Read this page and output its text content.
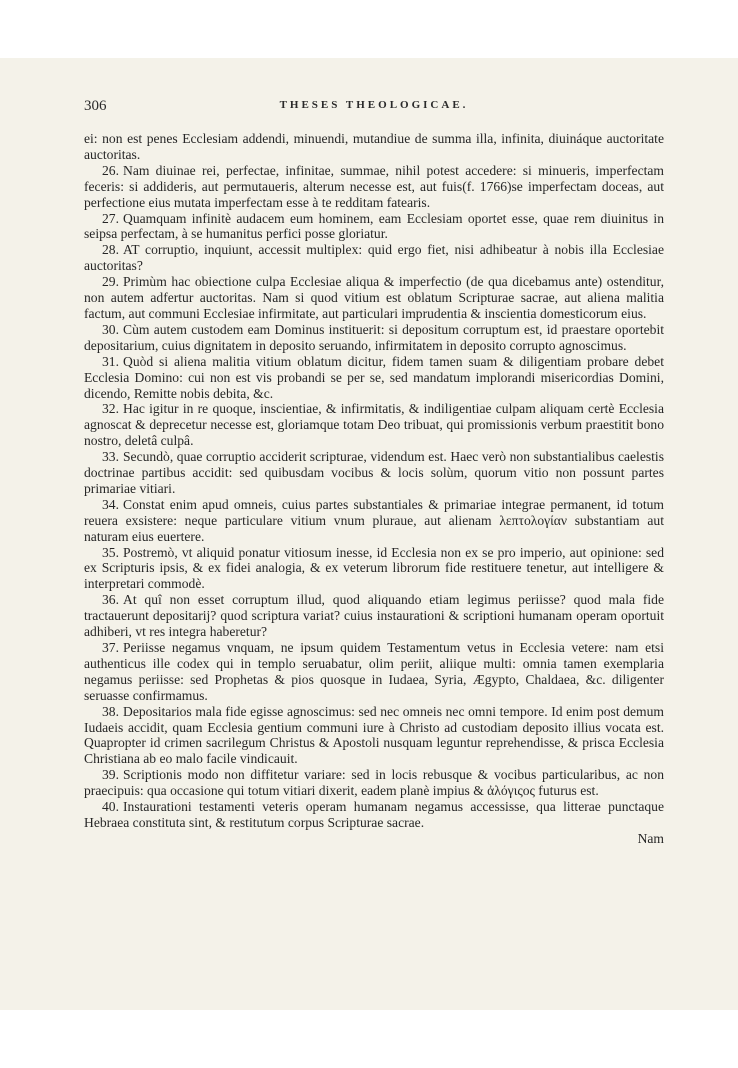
306	THESES THEOLOGICAE.

ei: non est penes Ecclesiam addendi, minuendi, mutandiue de summa illa, infinita, diuináque auctoritate auctoritas.

26. Nam diuinae rei, perfectae, infinitae, summae, nihil potest accedere: si minueris, imperfectam feceris: si addideris, aut permutaueris, alterum necesse est, aut fuis(f. 1766)se imperfectam doceas, aut perfectione eius mutata imperfectam esse à te redditam fatearis.

27. Quamquam infinitè audacem eum hominem, eam Ecclesiam oportet esse, quae rem diuinitus in seipsa perfectam, à se humanitus perfici posse gloriatur.

28. AT corruptio, inquiunt, accessit multiplex: quid ergo fiet, nisi adhibeatur à nobis illa Ecclesiae auctoritas?

29. Primùm hac obiectione culpa Ecclesiae aliqua & imperfectio (de qua dicebamus ante) ostenditur, non autem adfertur auctoritas. Nam si quod vitium est oblatum Scripturae sacrae, aut aliena malitia factum, aut communi Ecclesiae infirmitate, aut particulari imprudentia & inscientia domesticorum eius.

30. Cùm autem custodem eam Dominus instituerit: si depositum corruptum est, id praestare oportebit depositarium, cuius dignitatem in deposito seruando, infirmitatem in deposito corrupto agnoscimus.

31. Quòd si aliena malitia vitium oblatum dicitur, fidem tamen suam & diligentiam probare debet Ecclesia Domino: cui non est vis probandi se per se, sed mandatum implorandi misericordias Domini, dicendo, Remitte nobis debita, &c.

32. Hac igitur in re quoque, inscientiae, & infirmitatis, & indiligentiae culpam aliquam certè Ecclesia agnoscat & deprecetur necesse est, gloriamque totam Deo tribuat, qui promissionis verbum praestitit bono nostro, deletâ culpâ.

33. Secundò, quae corruptio acciderit scripturae, videndum est. Haec verò non substantialibus caelestis doctrinae partibus accidit: sed quibusdam vocibus & locis solùm, quorum vitio non possunt partes primariae vitiari.

34. Constat enim apud omneis, cuius partes substantiales & primariae integrae permanent, id totum reuera exsistere: neque particulare vitium vnum pluraue, aut alienam λεπτολογίαν substantiam aut naturam eius euertere.

35. Postremò, vt aliquid ponatur vitiosum inesse, id Ecclesia non ex se pro imperio, aut opinione: sed ex Scripturis ipsis, & ex fidei analogia, & ex veterum librorum fide restituere tenetur, aut intelligere & interpretari commodè.

36. At quî non esset corruptum illud, quod aliquando etiam legimus periisse? quod mala fide tractauerunt depositarij? quod scriptura variat? cuius instaurationi & scriptioni humanam operam oportuit adhiberi, vt res integra haberetur?

37. Periisse negamus vnquam, ne ipsum quidem Testamentum vetus in Ecclesia vetere: nam etsi authenticus ille codex qui in templo seruabatur, olim periit, aliique multi: omnia tamen exemplaria negamus periisse: sed Prophetas & pios quosque in Iudaea, Syria, Ægypto, Chaldaea, &c. diligenter seruasse confirmamus.

38. Depositarios mala fide egisse agnoscimus: sed nec omneis nec omni tempore. Id enim post demum Iudaeis accidit, quam Ecclesia gentium communi iure à Christo ad custodiam deposito illius vocata est. Quapropter id crimen sacrilegum Christus & Apostoli nusquam leguntur reprehendisse, & prisca Ecclesia Christiana ab eo malo facile vindicauit.

39. Scriptionis modo non diffitetur variare: sed in locis rebusque & vocibus particularibus, ac non praecipuis: qua occasione qui totum vitiari dixerit, eadem planè impius & ἀλόγιςος futurus est.

40. Instaurationi testamenti veteris operam humanam negamus accessisse, qua litterae punctaque Hebraea constituta sint, & restitutum corpus Scripturae sacrae.

Nam
